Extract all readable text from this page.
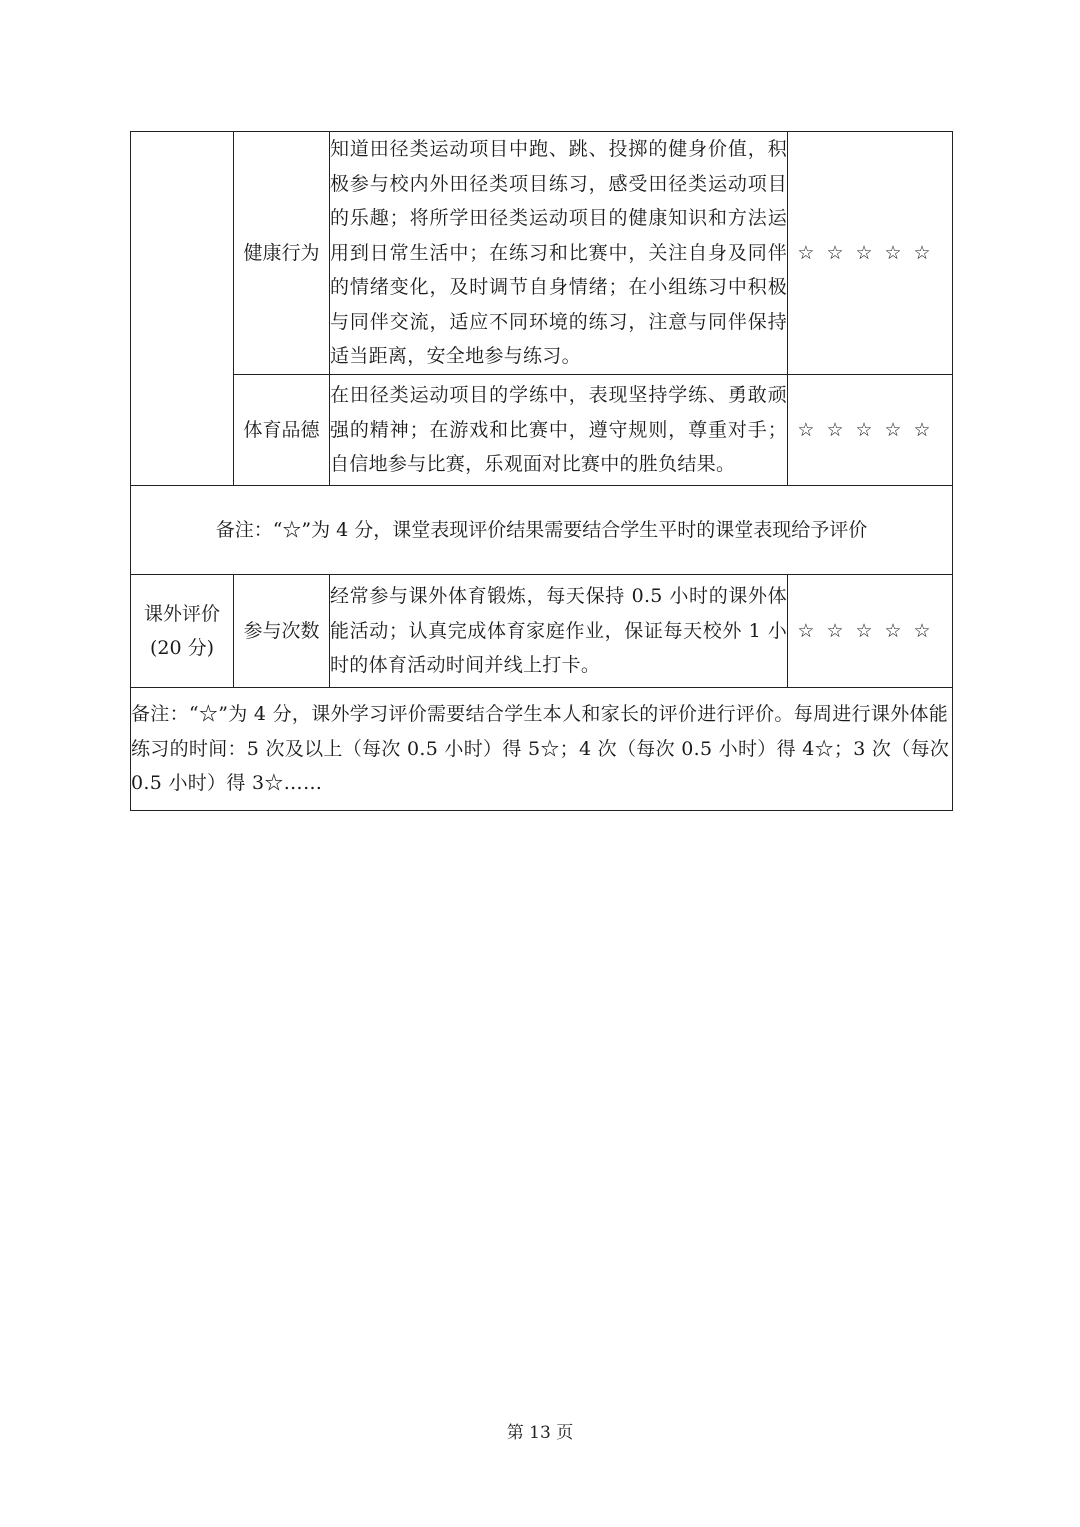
	健康行为	知道田径类运动项目中跑、跳、投掷的健身价值，积极参与校内外田径类项目练习，感受田径类运动项目的乐趣；将所学田径类运动项目的健康知识和方法运用到日常生活中；在练习和比赛中，关注自身及同伴的情绪变化，及时调节自身情绪；在小组练习中积极与同伴交流，适应不同环境的练习，注意与同伴保持适当距离，安全地参与练习。	☆☆☆☆☆
	体育品德	在田径类运动项目的学练中，表现坚持学练、勇敢顽强的精神；在游戏和比赛中，遵守规则，尊重对手；自信地参与比赛，乐观面对比赛中的胜负结果。	☆☆☆☆☆
备注：“☆”为 4 分，课堂表现评价结果需要结合学生平时的课堂表现给予评价			

课外评价
(20 分)	参与次数	经常参与课外体育锻炼，每天保持 0.5 小时的课外体能活动；认真完成体育家庭作业，保证每天校外 1 小时的体育活动时间并线上打卡。	☆☆☆☆☆
备注：“☆”为 4 分，课外学习评价需要结合学生本人和家长的评价进行评价。每周进行课外体能练习的时间：5 次及以上（每次 0.5 小时）得 5☆；4 次（每次 0.5 小时）得 4☆；3 次（每次 0.5 小时）得 3☆……			
第 13 页
